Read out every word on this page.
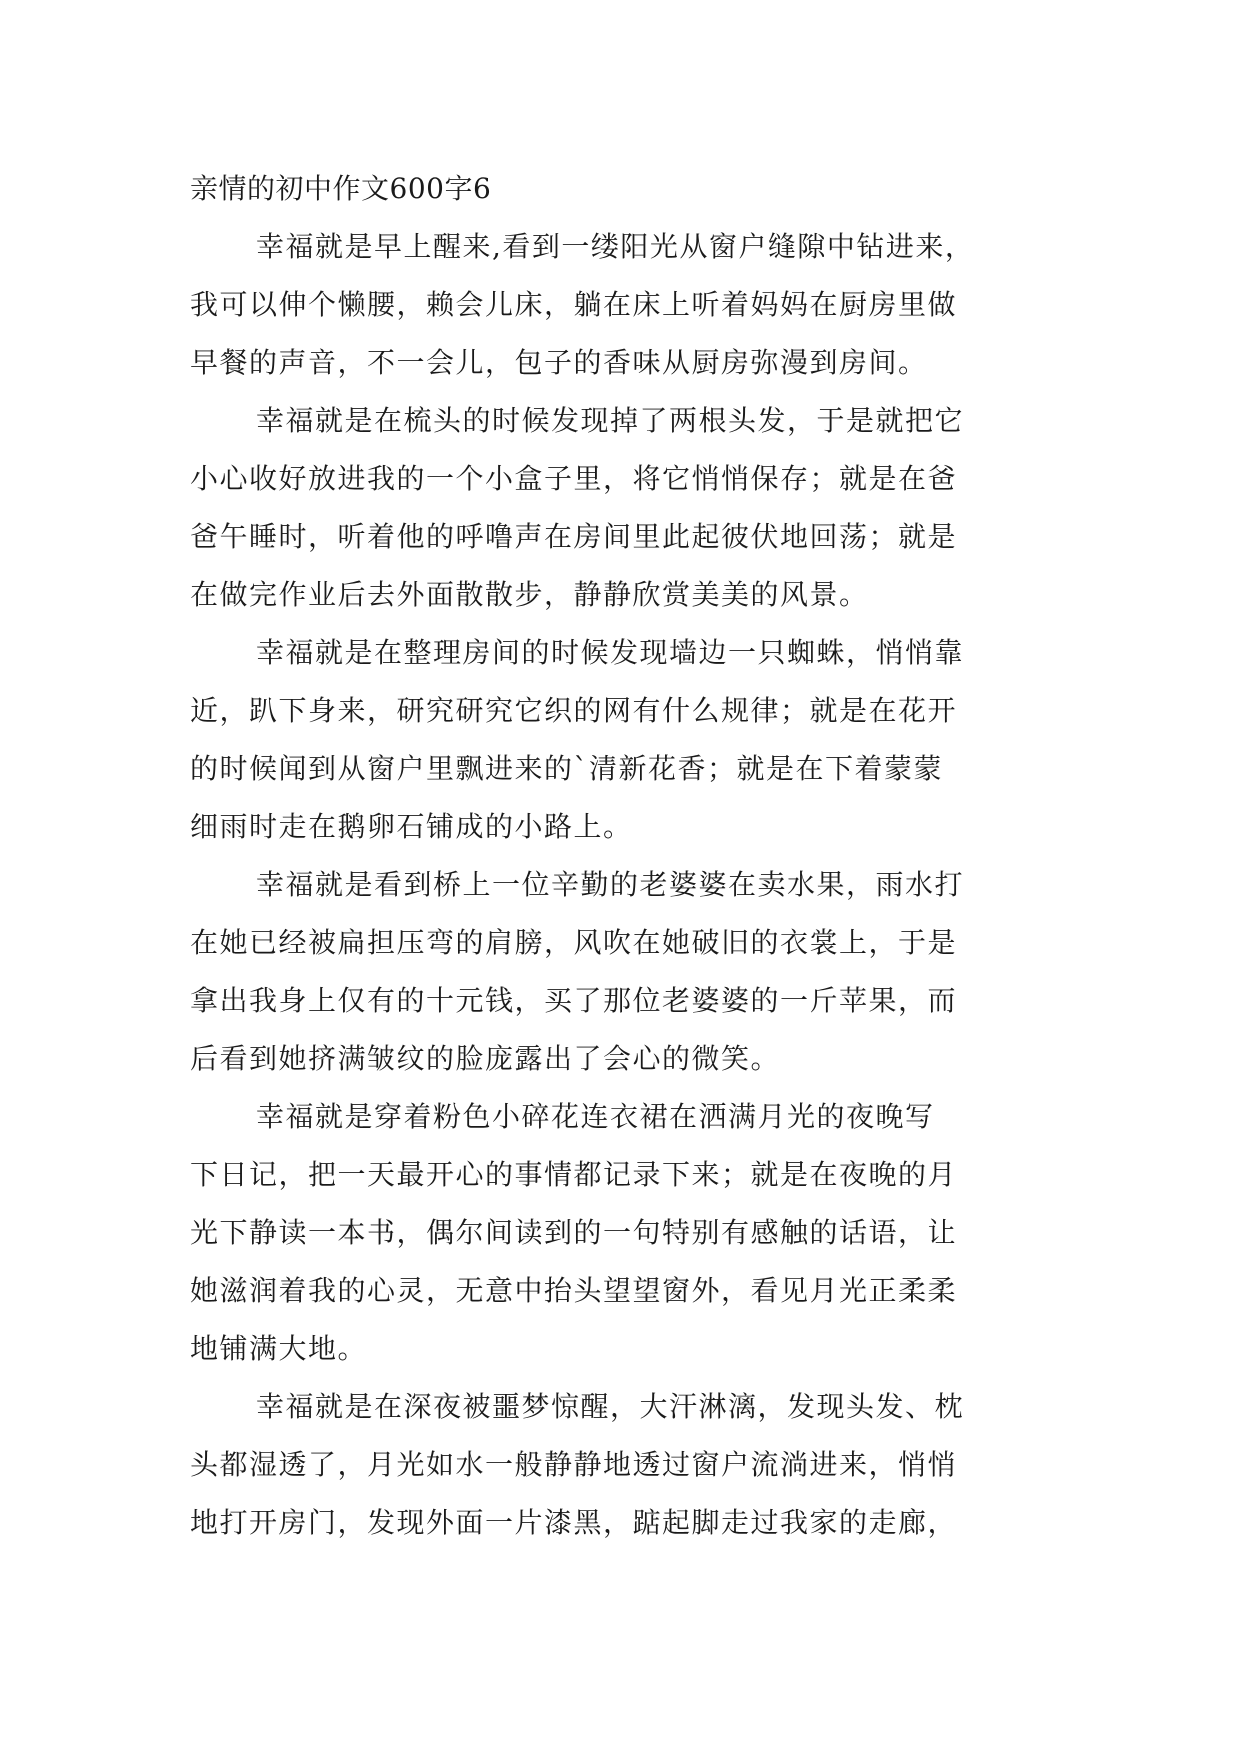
亲情的初中作文600字6
幸福就是早上醒来,看到一缕阳光从窗户缝隙中钻进来，
我可以伸个懒腰，赖会儿床，躺在床上听着妈妈在厨房里做
早餐的声音，不一会儿，包子的香味从厨房弥漫到房间。
幸福就是在梳头的时候发现掉了两根头发，于是就把它
小心收好放进我的一个小盒子里，将它悄悄保存；就是在爸
爸午睡时，听着他的呼噜声在房间里此起彼伏地回荡；就是
在做完作业后去外面散散步，静静欣赏美美的风景。
幸福就是在整理房间的时候发现墙边一只蜘蛛，悄悄靠
近，趴下身来，研究研究它织的网有什么规律；就是在花开
的时候闻到从窗户里飘进来的`清新花香；就是在下着蒙蒙
细雨时走在鹅卵石铺成的小路上。
幸福就是看到桥上一位辛勤的老婆婆在卖水果，雨水打
在她已经被扁担压弯的肩膀，风吹在她破旧的衣裳上，于是
拿出我身上仅有的十元钱，买了那位老婆婆的一斤苹果，而
后看到她挤满皱纹的脸庞露出了会心的微笑。
幸福就是穿着粉色小碎花连衣裙在洒满月光的夜晚写
下日记，把一天最开心的事情都记录下来；就是在夜晚的月
光下静读一本书，偶尔间读到的一句特别有感触的话语，让
她滋润着我的心灵，无意中抬头望望窗外，看见月光正柔柔
地铺满大地。
幸福就是在深夜被噩梦惊醒，大汗淋漓，发现头发、枕
头都湿透了，月光如水一般静静地透过窗户流淌进来，悄悄
地打开房门，发现外面一片漆黑，踮起脚走过我家的走廊，
